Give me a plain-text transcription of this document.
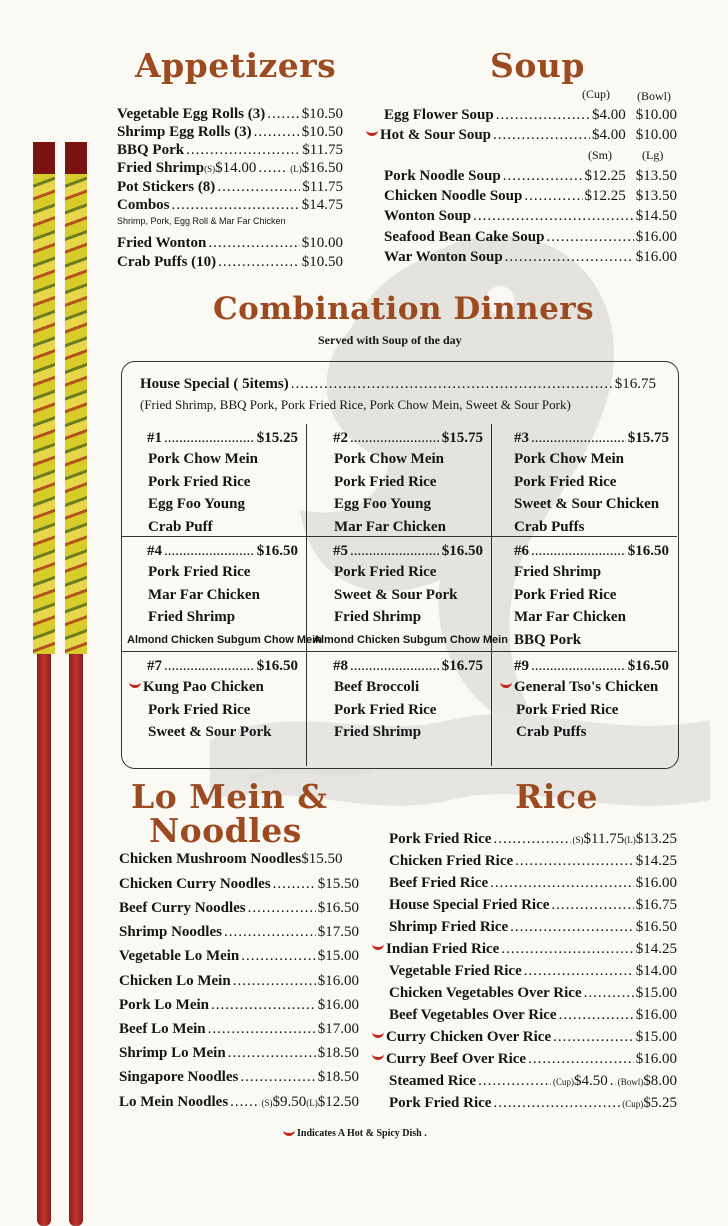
Appetizers
Vegetable Egg Rolls (3) ..... $10.50
Shrimp Egg Rolls (3) .....	$10.50
BBQ Pork .....	$11.75
Fried Shrimp (S) $14.00 .....	(L) $16.50
Pot Stickers (8) .....	$11.75
Combos .....	$14.75
Shrimp, Pork, Egg Roll & Mar Far Chicken
Fried Wonton .....	$10.00
Crab Puffs (10) .....	$10.50
Soup
(Cup) (Bowl)
Egg Flower Soup .....	$4.00 $10.00
Hot & Sour Soup .....	$4.00 $10.00
(Sm)	(Lg)
Pork Noodle Soup .....	$12.25 $13.50
Chicken Noodle Soup .....	$12.25 $13.50
Wonton Soup .....	$14.50
Seafood Bean Cake Soup .....	$16.00
War Wonton Soup .....	$16.00
Combination Dinners
Served with Soup of the day
House Special ( 5items) .....	$16.75
(Fried Shrimp, BBQ Pork, Pork Fried Rice, Pork Chow Mein, Sweet & Sour Pork)
#1 .....	$15.25
Pork Chow Mein
Pork Fried Rice
Egg Foo Young
Crab Puff
#2 .....	$15.75
Pork Chow Mein
Pork Fried Rice
Egg Foo Young
Mar Far Chicken
#3 .....	$15.75
Pork Chow Mein
Pork Fried Rice
Sweet & Sour Chicken
Crab Puffs
#4 .....	$16.50
Pork Fried Rice
Mar Far Chicken
Fried Shrimp
Almond Chicken Subgum Chow Mein
#5 .....	$16.50
Pork Fried Rice
Sweet & Sour Pork
Fried Shrimp
Almond Chicken Subgum Chow Mein
#6 .....	$16.50
Fried Shrimp
Pork Fried Rice
Mar Far Chicken
BBQ Pork
#7 .....	$16.50
Kung Pao Chicken
Pork Fried Rice
Sweet & Sour Pork
#8 .....	$16.75
Beef Broccoli
Pork Fried Rice
Fried Shrimp
#9 .....	$16.50
General Tso's Chicken
Pork Fried Rice
Crab Puffs
Lo Mein &
Noodles
Chicken Mushroom Noodles $15.50
Chicken Curry Noodles .....	$15.50
Beef Curry Noodles .....	$16.50
Shrimp Noodles .....	$17.50
Vegetable Lo Mein .....	$15.00
Chicken Lo Mein .....	$16.00
Pork Lo Mein .....	$16.00
Beef Lo Mein .....	$17.00
Shrimp Lo Mein .....	$18.50
Singapore Noodles .....	$18.50
Lo Mein Noodles .....	(S) $9.50 (L) $12.50
Rice
Pork Fried Rice .....	(S) $11.75 (L) $13.25
Chicken Fried Rice .....	$14.25
Beef Fried Rice .....	$16.00
House Special Fried Rice .....	$16.75
Shrimp Fried Rice .....	$16.50
Indian Fried Rice .....	$14.25
Vegetable Fried Rice .....	$14.00
Chicken Vegetables Over Rice .....	$15.00
Beef Vegetables Over Rice .....	$16.00
Curry Chicken Over Rice .....	$15.00
Curry Beef Over Rice .....	$16.00
Steamed Rice .....	(Cup) $4.50 ..... (Bowl) $8.00
Pork Fried Rice .....	(Cup) $5.25
Indicates A Hot & Spicy Dish .
